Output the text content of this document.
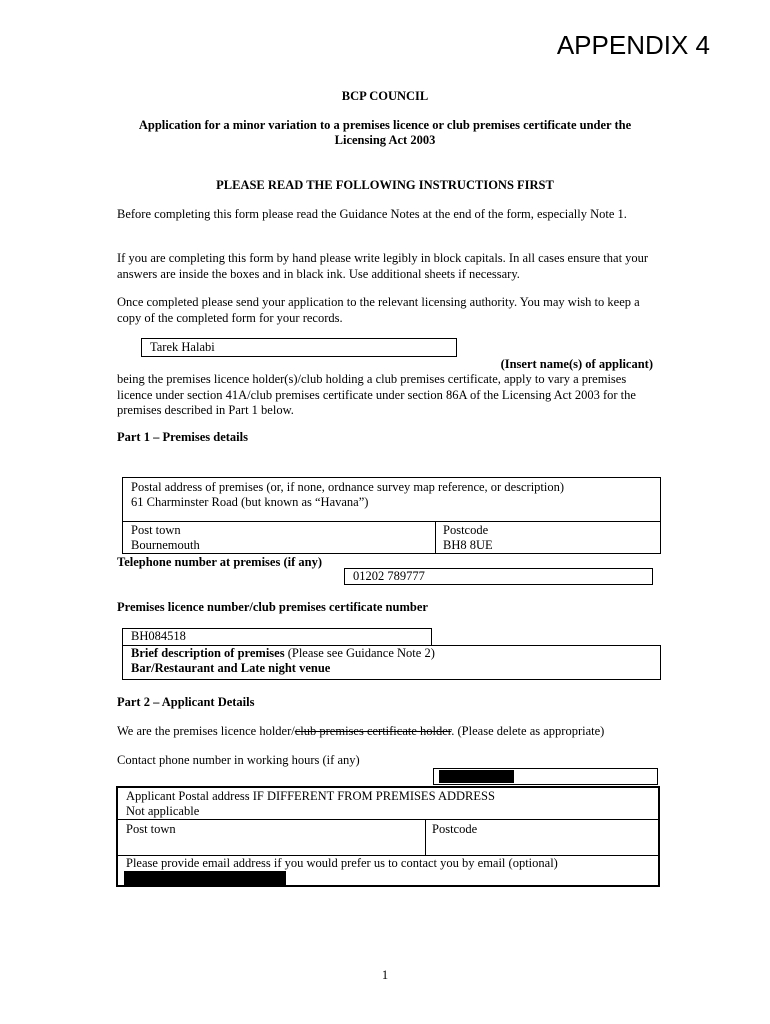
APPENDIX 4
BCP COUNCIL
Application for a minor variation to a premises licence or club premises certificate under the
Licensing Act 2003
PLEASE READ THE FOLLOWING INSTRUCTIONS FIRST
Before completing this form please read the Guidance Notes at the end of the form, especially Note 1.
If you are completing this form by hand please write legibly in block capitals. In all cases ensure that your answers are inside the boxes and in black ink. Use additional sheets if necessary.
Once completed please send your application to the relevant licensing authority. You may wish to keep a copy of the completed form for your records.
Tarek Halabi
(Insert name(s) of applicant)
being the premises licence holder(s)/club holding a club premises certificate, apply to vary a premises licence under section 41A/club premises certificate under section 86A of the Licensing Act 2003 for the premises described in Part 1 below.
Part 1 – Premises details
Postal address of premises (or, if none, ordnance survey map reference, or description)
61 Charminster Road (but known as “Havana”)
Post town
Bournemouth
Postcode
BH8 8UE
Telephone number at premises (if any)
01202 789777
Premises licence number/club premises certificate number
BH084518
Brief description of premises (Please see Guidance Note 2)
Bar/Restaurant and Late night venue
Part 2 – Applicant Details
We are the premises licence holder/club premises certificate holder. (Please delete as appropriate)
Contact phone number in working hours (if any)
Applicant Postal address IF DIFFERENT FROM PREMISES ADDRESS
Not applicable
Post town	Postcode
Please provide email address if you would prefer us to contact you by email (optional)
1
